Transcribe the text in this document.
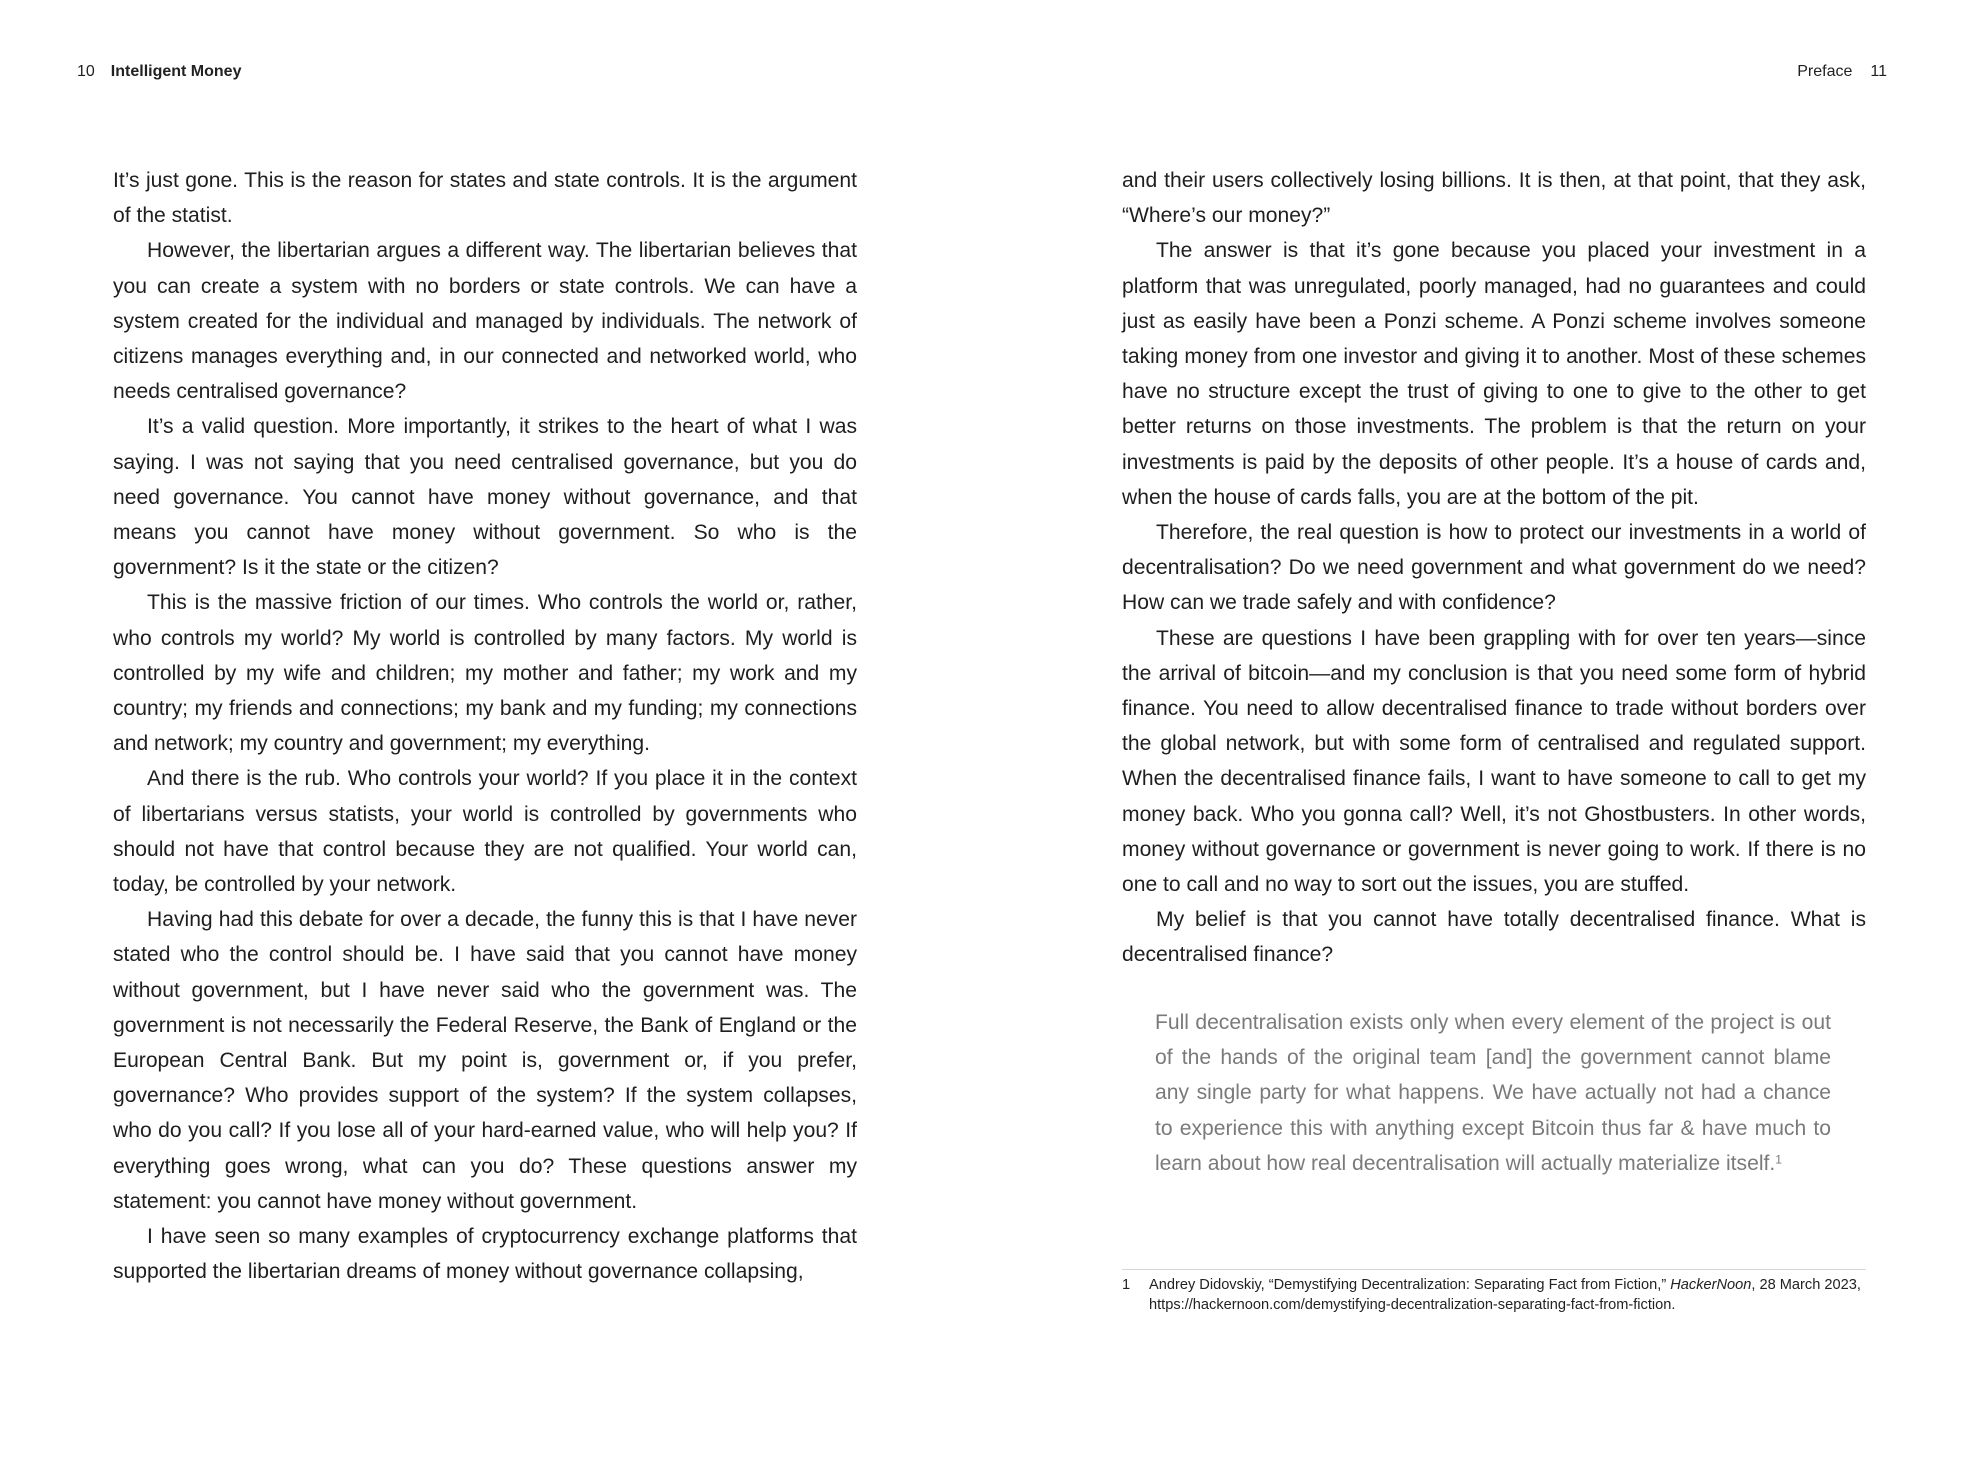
10 Intelligent Money

It’s just gone. This is the reason for states and state controls. It is the argument of the statist.

However, the libertarian argues a different way. The libertarian believes that you can create a system with no borders or state controls. We can have a system created for the individual and managed by individuals. The network of citizens manages everything and, in our connected and networked world, who needs centralised governance?

It’s a valid question. More importantly, it strikes to the heart of what I was saying. I was not saying that you need centralised governance, but you do need governance. You cannot have money without governance, and that means you cannot have money without government. So who is the government? Is it the state or the citizen?

This is the massive friction of our times. Who controls the world or, rather, who controls my world? My world is controlled by many factors. My world is controlled by my wife and children; my mother and father; my work and my country; my friends and connections; my bank and my funding; my connections and network; my country and government; my everything.

And there is the rub. Who controls your world? If you place it in the context of libertarians versus statists, your world is controlled by governments who should not have that control because they are not qualified. Your world can, today, be controlled by your network.

Having had this debate for over a decade, the funny this is that I have never stated who the control should be. I have said that you cannot have money without government, but I have never said who the government was. The government is not necessarily the Federal Reserve, the Bank of England or the European Central Bank. But my point is, government or, if you prefer, governance? Who provides support of the system? If the system collapses, who do you call? If you lose all of your hard-earned value, who will help you? If everything goes wrong, what can you do? These questions answer my statement: you cannot have money without government.

I have seen so many examples of cryptocurrency exchange platforms that supported the libertarian dreams of money without governance collapsing,

Preface 11

and their users collectively losing billions. It is then, at that point, that they ask, “Where’s our money?”

The answer is that it’s gone because you placed your investment in a platform that was unregulated, poorly managed, had no guarantees and could just as easily have been a Ponzi scheme. A Ponzi scheme involves someone taking money from one investor and giving it to another. Most of these schemes have no structure except the trust of giving to one to give to the other to get better returns on those investments. The problem is that the return on your investments is paid by the deposits of other people. It’s a house of cards and, when the house of cards falls, you are at the bottom of the pit.

Therefore, the real question is how to protect our investments in a world of decentralisation? Do we need government and what government do we need? How can we trade safely and with confidence?

These are questions I have been grappling with for over ten years—since the arrival of bitcoin—and my conclusion is that you need some form of hybrid finance. You need to allow decentralised finance to trade without borders over the global network, but with some form of centralised and regulated support. When the decentralised finance fails, I want to have someone to call to get my money back. Who you gonna call? Well, it’s not Ghostbusters. In other words, money without governance or government is never going to work. If there is no one to call and no way to sort out the issues, you are stuffed.

My belief is that you cannot have totally decentralised finance. What is decentralised finance?

Full decentralisation exists only when every element of the project is out of the hands of the original team [and] the government cannot blame any single party for what happens. We have actually not had a chance to experience this with anything except Bitcoin thus far & have much to learn about how real decentralisation will actually materialize itself.$^1$
1	Andrey Didovskiy, “Demystifying Decentralization: Separating Fact from Fiction,” HackerNoon, 28 March 2023, https://hackernoon.com/demystifying-decentralization-separating-fact-from-fiction.
